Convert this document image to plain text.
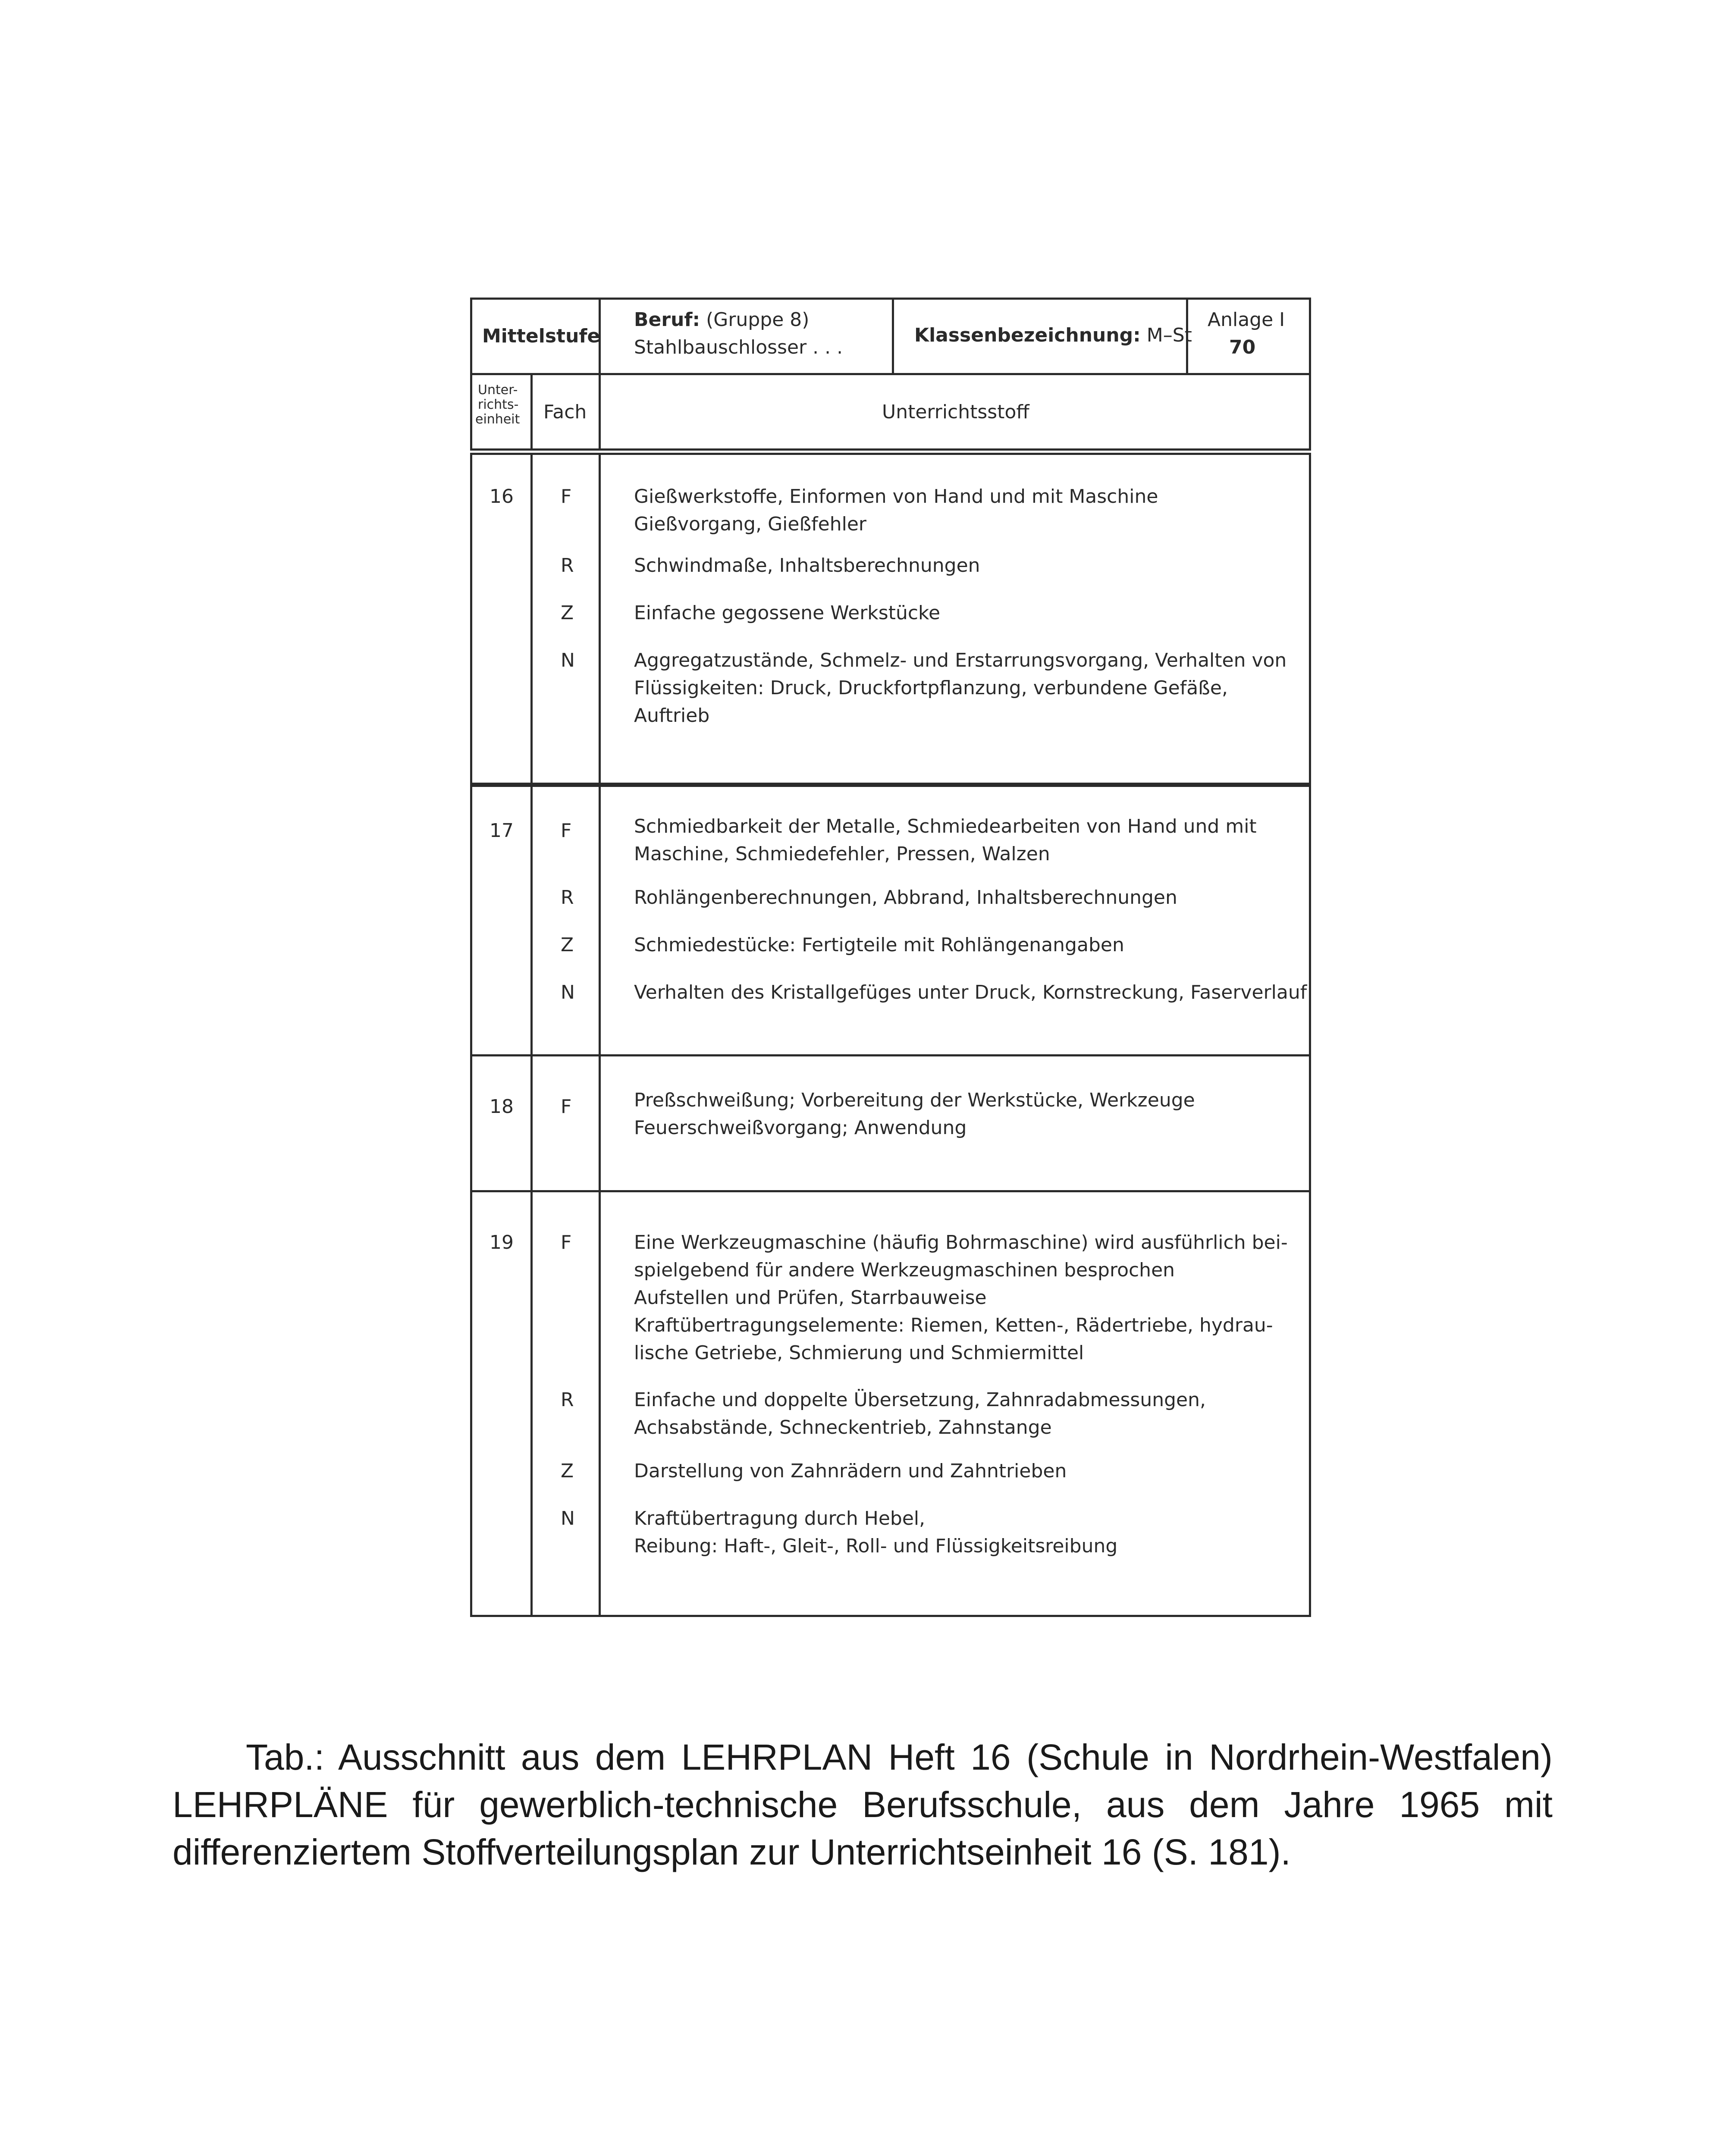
Mittelstufe
Beruf: (Gruppe 8)
Stahlbauschlosser . . .
Klassenbezeichnung: M–St
Anlage I
70
Unter-
richts-
einheit Fach	Unterrichtsstoff
16 F	Gießwerkstoffe, Einformen von Hand und mit Maschine
Gießvorgang, Gießfehler
R	Schwindmaße, Inhaltsberechnungen
Z	Einfache gegossene Werkstücke
N	Aggregatzustände, Schmelz- und Erstarrungsvorgang, Verhalten von
Flüssigkeiten: Druck, Druckfortpflanzung, verbundene Gefäße,
Auftrieb
17 F	Schmiedbarkeit der Metalle, Schmiedearbeiten von Hand und mit
Maschine, Schmiedefehler, Pressen, Walzen
R	Rohlängenberechnungen, Abbrand, Inhaltsberechnungen
Z	Schmiedestücke: Fertigteile mit Rohlängenangaben
N	Verhalten des Kristallgefüges unter Druck, Kornstreckung, Faserverlauf
18 F	Preßschweißung; Vorbereitung der Werkstücke, Werkzeuge
Feuerschweißvorgang; Anwendung
19 F	Eine Werkzeugmaschine (häufig Bohrmaschine) wird ausführlich bei-
spielgebend für andere Werkzeugmaschinen besprochen
Aufstellen und Prüfen, Starrbauweise
Kraftübertragungselemente: Riemen, Ketten-, Rädertriebe, hydrau-
lische Getriebe, Schmierung und Schmiermittel
R	Einfache und doppelte Übersetzung, Zahnradabmessungen,
Achsabstände, Schneckentrieb, Zahnstange
Z	Darstellung von Zahnrädern und Zahntrieben
N	Kraftübertragung durch Hebel,
Reibung: Haft-, Gleit-, Roll- und Flüssigkeitsreibung

Tab.: Ausschnitt aus dem LEHRPLAN Heft 16 (Schule in Nordrhein-Westfalen)

LEHRPLÄNE für gewerblich-technische Berufsschule, aus dem Jahre 1965 mit

differenziertem Stoffverteilungsplan zur Unterrichtseinheit 16 (S. 181).
